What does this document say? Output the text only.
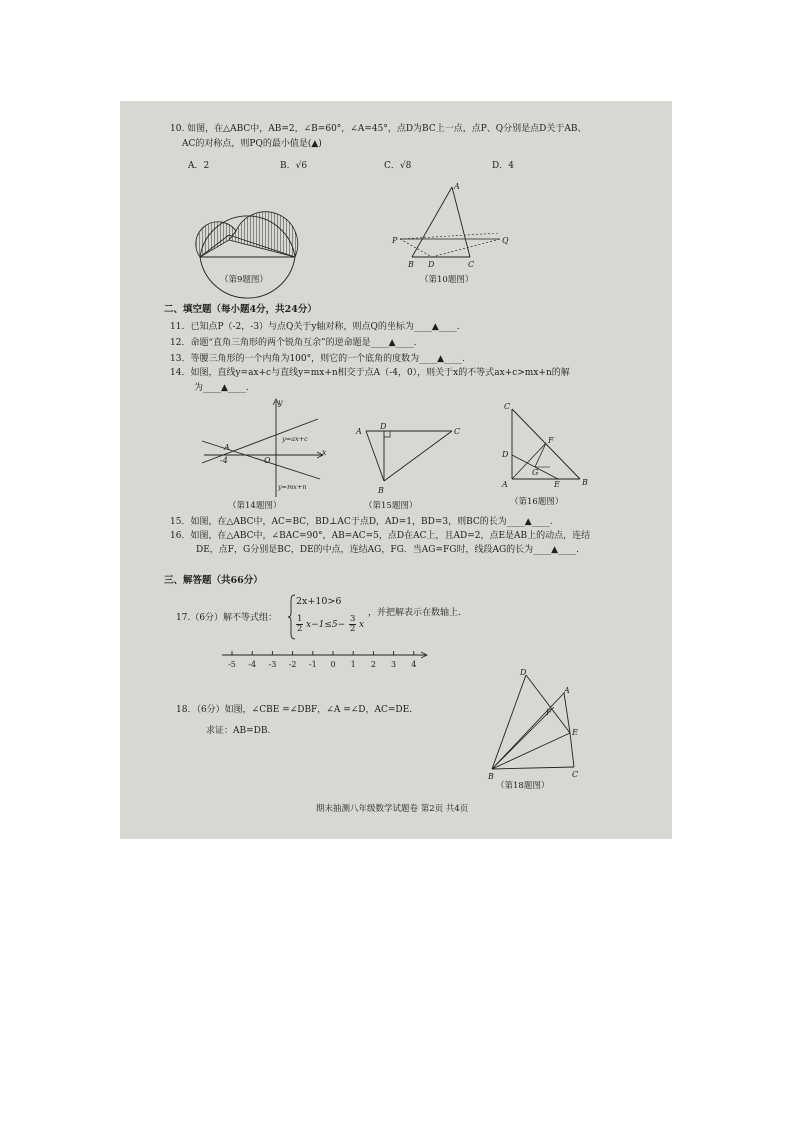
10. 如图，在△ABC中，AB=2，∠B=60°，∠A=45°，点D为BC上一点，点P、Q分别是点D关于AB、
AC的对称点，则PQ的最小值是(▲)
A．2	B．√6	C．√8	D．4
（第9题图）
A
P	Q
B D	C
（第10题图）
二、填空题（每小题4分，共24分）
11．已知点P（-2，-3）与点Q关于y轴对称，则点Q的坐标为____▲____.
12．命题“直角三角形的两个锐角互余”的逆命题是____▲____.
13．等腰三角形的一个内角为100°，则它的一个底角的度数为____▲____.
14．如图，直线y=ax+c与直线y=mx+n相交于点A（-4，0），则关于x的不等式ax+c>mx+n的解
为____▲____.
y
x
A
-4	O
y=ax+c
y=mx+n
（第14题图）
A
D
C
B
（第15题图）
C
F
D
G
A	E	B
（第16题图）
15．如图，在△ABC中，AC=BC，BD⊥AC于点D，AD=1，BD=3，则BC的长为____▲____.
16．如图，在△ABC中，∠BAC=90°，AB=AC=5，点D在AC上，且AD=2，点E是AB上的动点，连结
DE，点F，G分别是BC，DE的中点，连结AG，FG．当AG=FG时，线段AG的长为____▲____.
三、解答题（共66分）
17.（6分）解不等式组：
2x+10>6
$\frac{1}{2} x-1\le 5- \frac{3}{2}$ x
，并把解表示在数轴上.
-5 -4 -3 -2 -1 0 1 2 3 4
18．（6分）如图，∠CBE =∠DBF，∠A =∠D，AC=DE.
求证：AB=DB.
D
A
F
E
B	C
（第18题图）
期末抽测八年级数学试题卷 第2页 共4页
